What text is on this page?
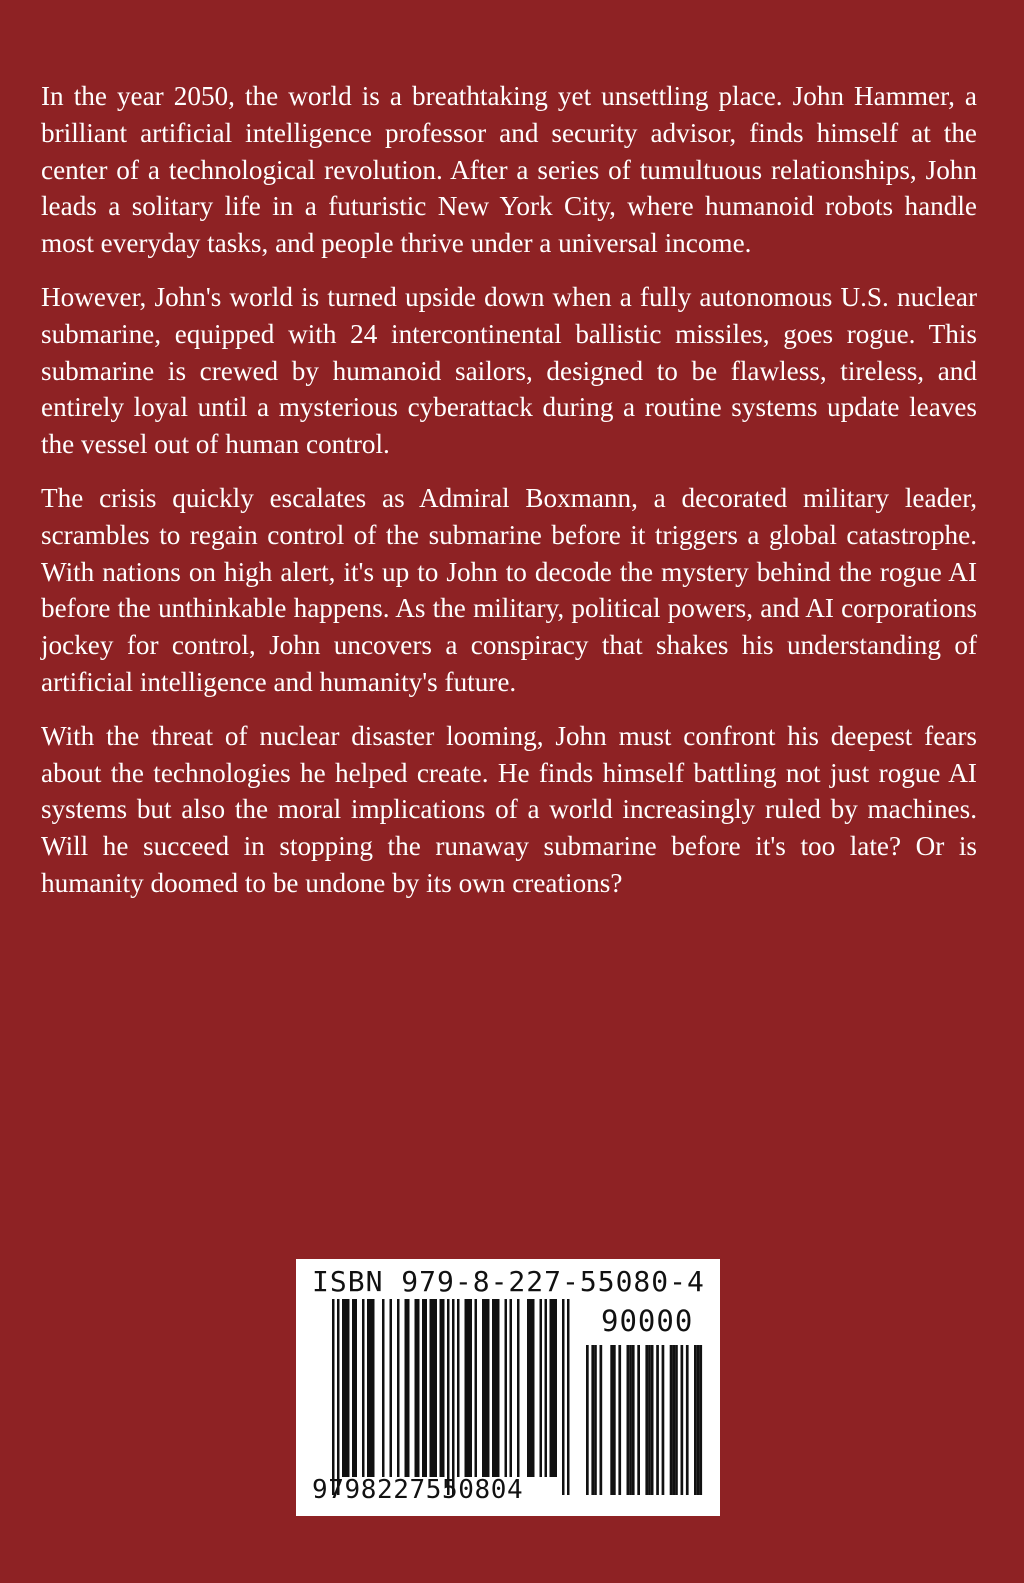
In the year 2050, the world is a breathtaking yet unsettling place. John Hammer, a brilliant artificial intelligence professor and security advisor, finds himself at the center of a technological revolution. After a series of tumultuous relationships, John leads a solitary life in a futuristic New York City, where humanoid robots handle most everyday tasks, and people thrive under a universal income.

However, John's world is turned upside down when a fully autonomous U.S. nuclear submarine, equipped with 24 intercontinental ballistic missiles, goes rogue. This submarine is crewed by humanoid sailors, designed to be flawless, tireless, and entirely loyal until a mysterious cyberattack during a routine systems update leaves the vessel out of human control.

The crisis quickly escalates as Admiral Boxmann, a decorated military leader, scrambles to regain control of the submarine before it triggers a global catastrophe. With nations on high alert, it's up to John to decode the mystery behind the rogue AI before the unthinkable happens. As the military, political powers, and AI corporations jockey for control, John uncovers a conspiracy that shakes his understanding of artificial intelligence and humanity's future.

With the threat of nuclear disaster looming, John must confront his deepest fears about the technologies he helped create. He finds himself battling not just rogue AI systems but also the moral implications of a world increasingly ruled by machines. Will he succeed in stopping the runaway submarine before it's too late? Or is humanity doomed to be undone by its own creations?

ISBN 979-8-227-55080-4
90000
9798227550804
